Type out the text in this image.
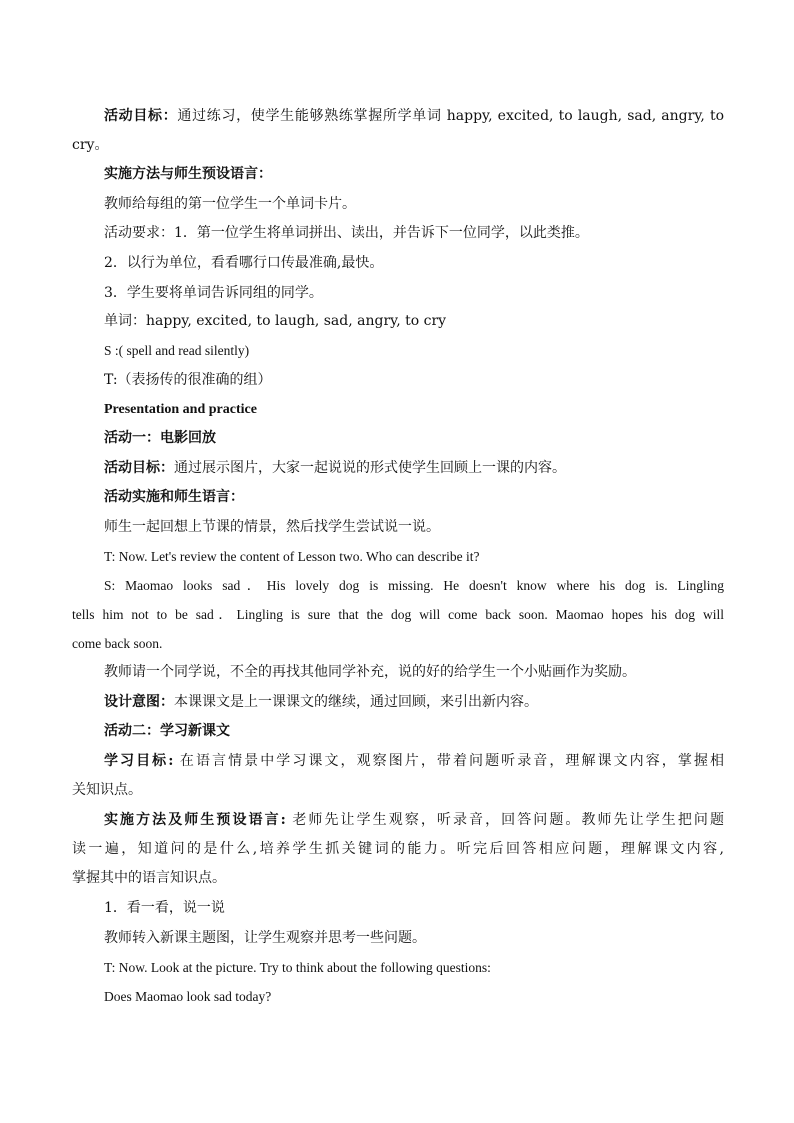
活动目标：通过练习，使学生能够熟练掌握所学单词 happy, excited, to laugh, sad, angry, to
cry。
实施方法与师生预设语言：
教师给每组的第一位学生一个单词卡片。
活动要求：1．第一位学生将单词拼出、读出，并告诉下一位同学，以此类推。
2．以行为单位，看看哪行口传最准确,最快。
3．学生要将单词告诉同组的同学。
单词：happy, excited, to laugh, sad, angry, to cry
S :( spell and read silently)
T:（表扬传的很准确的组）
Presentation and practice
活动一：电影回放
活动目标：通过展示图片，大家一起说说的形式使学生回顾上一课的内容。
活动实施和师生语言：
师生一起回想上节课的情景，然后找学生尝试说一说。
T: Now. Let's review the content of Lesson two. Who can describe it?
S: Maomao looks sad．His lovely dog is missing. He doesn't know where his dog is. Lingling
tells him not to be sad．Lingling is sure that the dog will come back soon. Maomao hopes his dog will
come back soon.
教师请一个同学说，不全的再找其他同学补充，说的好的给学生一个小贴画作为奖励。
设计意图：本课课文是上一课课文的继续，通过回顾，来引出新内容。
活动二：学习新课文
学习目标: 在语言情景中学习课文，观察图片，带着问题听录音，理解课文内容，掌握相
关知识点。
实施方法及师生预设语言: 老师先让学生观察，听录音，回答问题。教师先让学生把问题
读一遍，知道问的是什么,培养学生抓关键词的能力。听完后回答相应问题，理解课文内容,
掌握其中的语言知识点。
1．看一看，说一说
教师转入新课主题图，让学生观察并思考一些问题。
T: Now. Look at the picture. Try to think about the following questions:
Does Maomao look sad today?
